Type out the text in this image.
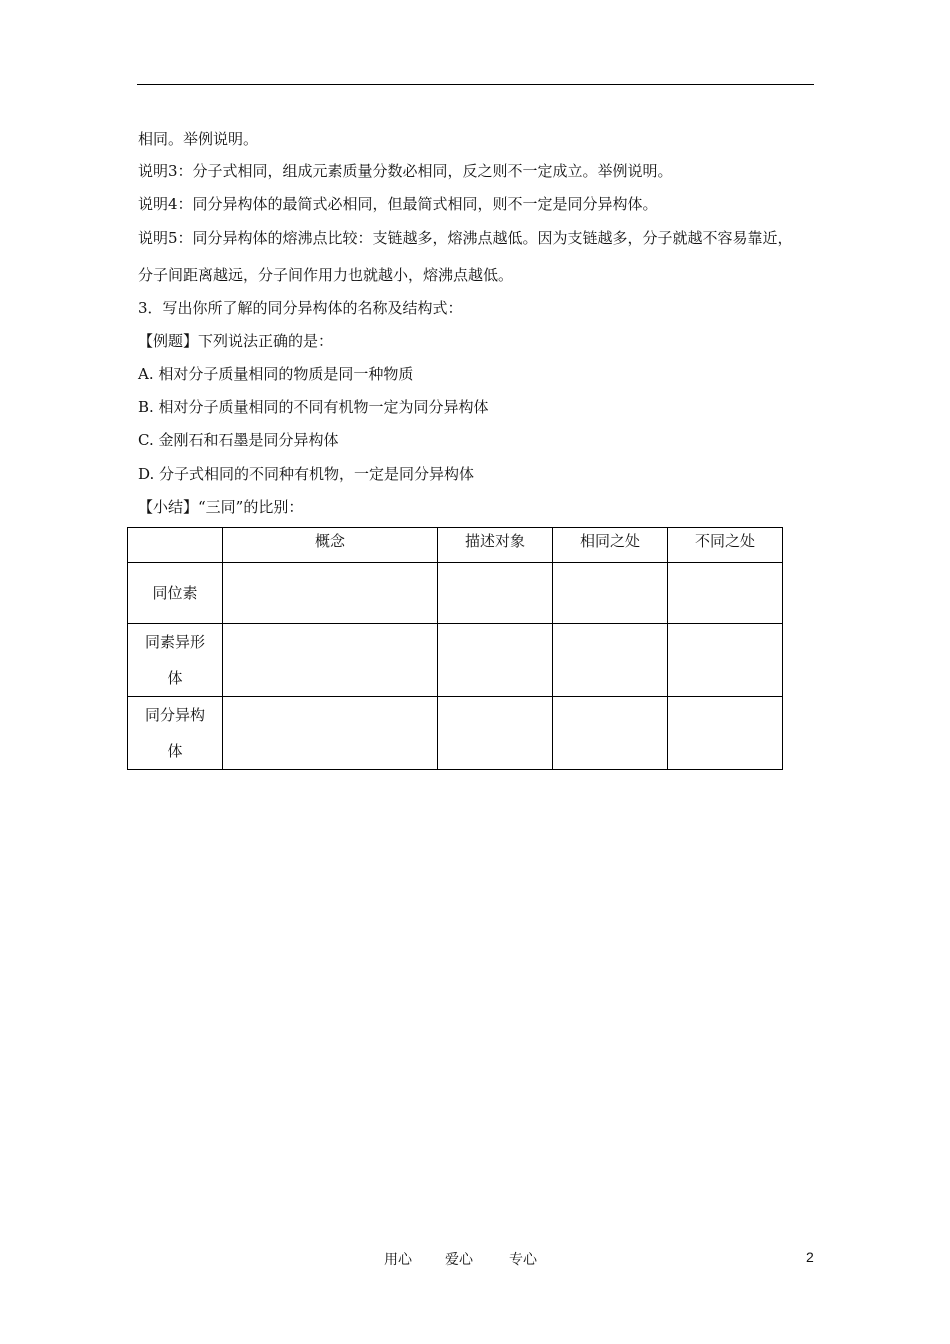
相同。举例说明。
说明3：分子式相同，组成元素质量分数必相同，反之则不一定成立。举例说明。
说明4：同分异构体的最简式必相同，但最简式相同，则不一定是同分异构体。
说明5：同分异构体的熔沸点比较：支链越多，熔沸点越低。因为支链越多，分子就越不容易靠近，
分子间距离越远，分子间作用力也就越小，熔沸点越低。
3．写出你所了解的同分异构体的名称及结构式：
【例题】下列说法正确的是：
A. 相对分子质量相同的物质是同一种物质
B. 相对分子质量相同的不同有机物一定为同分异构体
C. 金刚石和石墨是同分异构体
D. 分子式相同的不同种有机物，一定是同分异构体
【小结】“三同”的比别：
	概念	描述对象	相同之处	不同之处
同位素				
同素异形体				
同分异构体				
用心 爱心	专心	2
